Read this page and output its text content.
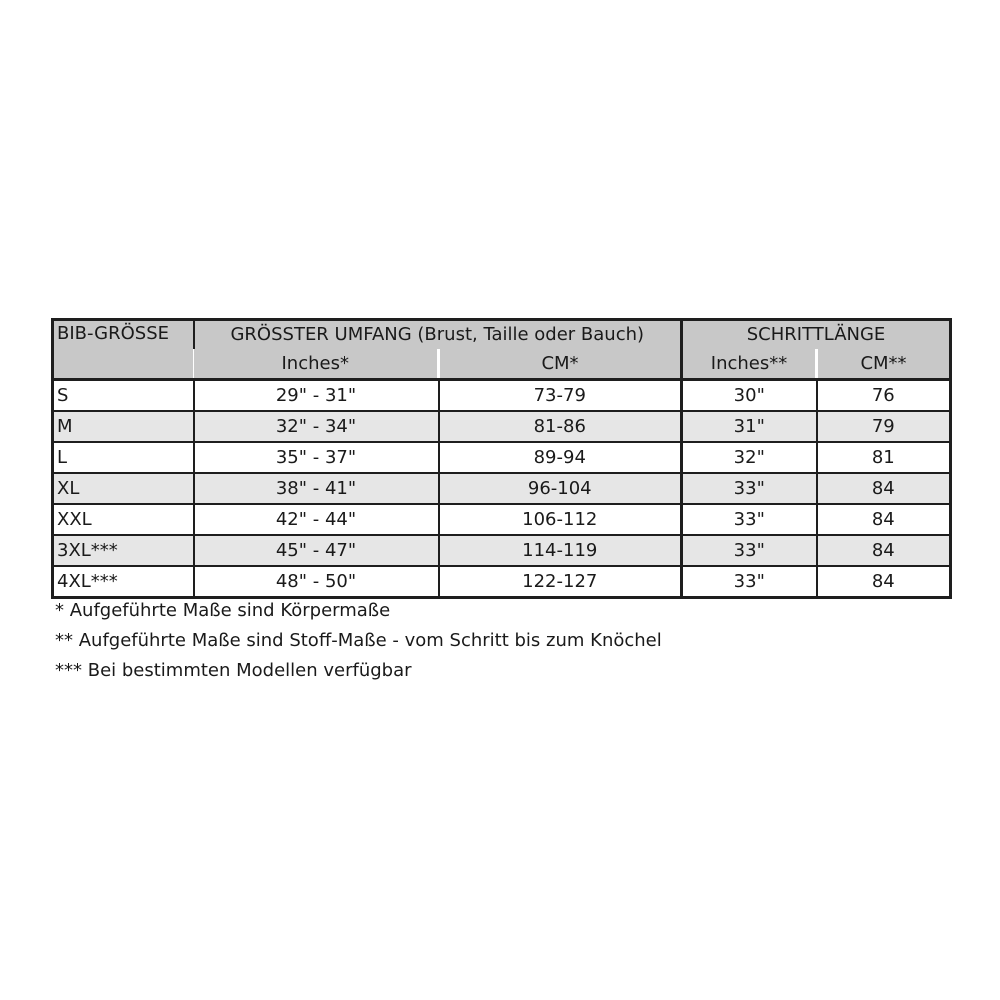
BIB-GRÖSSE	GRÖSSTER UMFANG (Brust, Taille oder Bauch)		SCHRITTLÄNGE	
	Inches*	CM*	Inches**	CM**
S	29" - 31"	73-79	30"	76
M	32" - 34"	81-86	31"	79
L	35" - 37"	89-94	32"	81
XL	38" - 41"	96-104	33"	84
XXL	42" - 44"	106-112	33"	84
3XL***	45" - 47"	114-119	33"	84
4XL***	48" - 50"	122-127	33"	84
* Aufgeführte Maße sind Körpermaße
** Aufgeführte Maße sind Stoff-Maße - vom Schritt bis zum Knöchel
*** Bei bestimmten Modellen verfügbar
